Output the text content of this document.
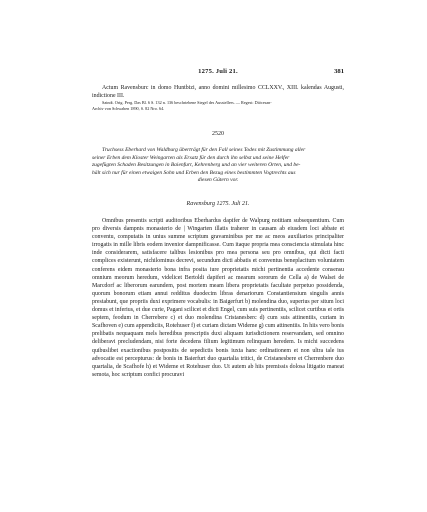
1275. Juli 21.	381

Actum Ravensburc in domo Huntbizi, anno domini millesimo CCLXXV., XIII. kalendas Augusti, indictione III.

Saindt. Orig. Perg. Das Bl. 6 S. 132 n. 136 beschriebene Siegel des Ausstellers. — Regest: Diöcesan-

Archiv von Schwaben 1890, S. 82 Nro. 64.

2520

Truchsess Eberhard von Waldburg überträgt für den Fall seines Todes mit Zustimmung aller

seiner Erben dem Kloster Weingarten als Ersatz für den durch ihn selbst und seine Helfer

zugefügten Schaden Besitzungen in Baienfurt, Kehrenberg und an vier weiteren Orten, und be-

hält sich nur für einen etwaigen Sohn und Erben den Bezug eines bestimmten Vogtrechts aus

diesen Gütern vor.

Ravensburg 1275. Juli 21.

Omnibus presentis scripti auditoribus Eberhardus dapifer de Walpurg notitiam subsequentium. Cum pro diversis dampnis monasterio de | Wingarten illatis traherer in causam ab eiusdem loci abbate et conventu, computatis in unius summe scriptum gravaminibus per me ac meos auxiliarios principaliter irrogatis in mille libris eodem invenior dampnificasse. Cum itaque propria mea consciencia stimulata hinc inde considerarem, satisfacere talibus lesionibus pro mea persona seu pro omnibus, qui dicti facti complices existerunt, nichilominus decrevi, secundum dicti abbatis et conventus beneplacitum voluntatem conferens eidem monasterio bona infra posita iure proprietatis michi pertinentia accedente consensu omnium meorum heredum, videlicet Bertoldi dapiferi ac mearum sororum de Cella a) de Walsei de Marcdorf ac liberorum earundem, post mortem meam libera proprietatis facultate perpetuo possidenda, quorum bonorum etiam annui redditus duodecim libras denariorum Constantiensium singulis annis prestabunt, que propriis duxi exprimere vocabulis: in Baigerfurt b) molendina duo, superius per situm loci domus et inferius, et due curie, Pagani scilicet et dicti Engel, cum suis pertinentiis, scilicet curtibus et ortis septem, feodum in Cherrebere c) et duo molendina Cristanesberc d) cum suis attinentiis, curiam in Scafhoven e) cum appendiciis, Rotehuser f) et curiam dictam Wideme g) cum attinentiis. In hiis vero bonis prelibatis nequaquam mels heredibus prescriptis duxi aliquam iurisdictionem reservandam, sed omnino deliberavi precludendam, nisi forte decedens filium legitimum relinquam heredem. Is michi succedens quibuslibet exactionibus postpositis de sepedictis bonis iuxta hanc ordinationem et non ultra tale ius advocatie est percepturus: de bonis in Baierfurt duo quartalia tritici, de Cristanesbere et Cherrenbere duo quartalia, de Scafhofe h) et Wideme et Rotehuser duo. Ut autem ab hiis premissis dolosa litigatio maneat semota, hoc scriptum confici procuravi
